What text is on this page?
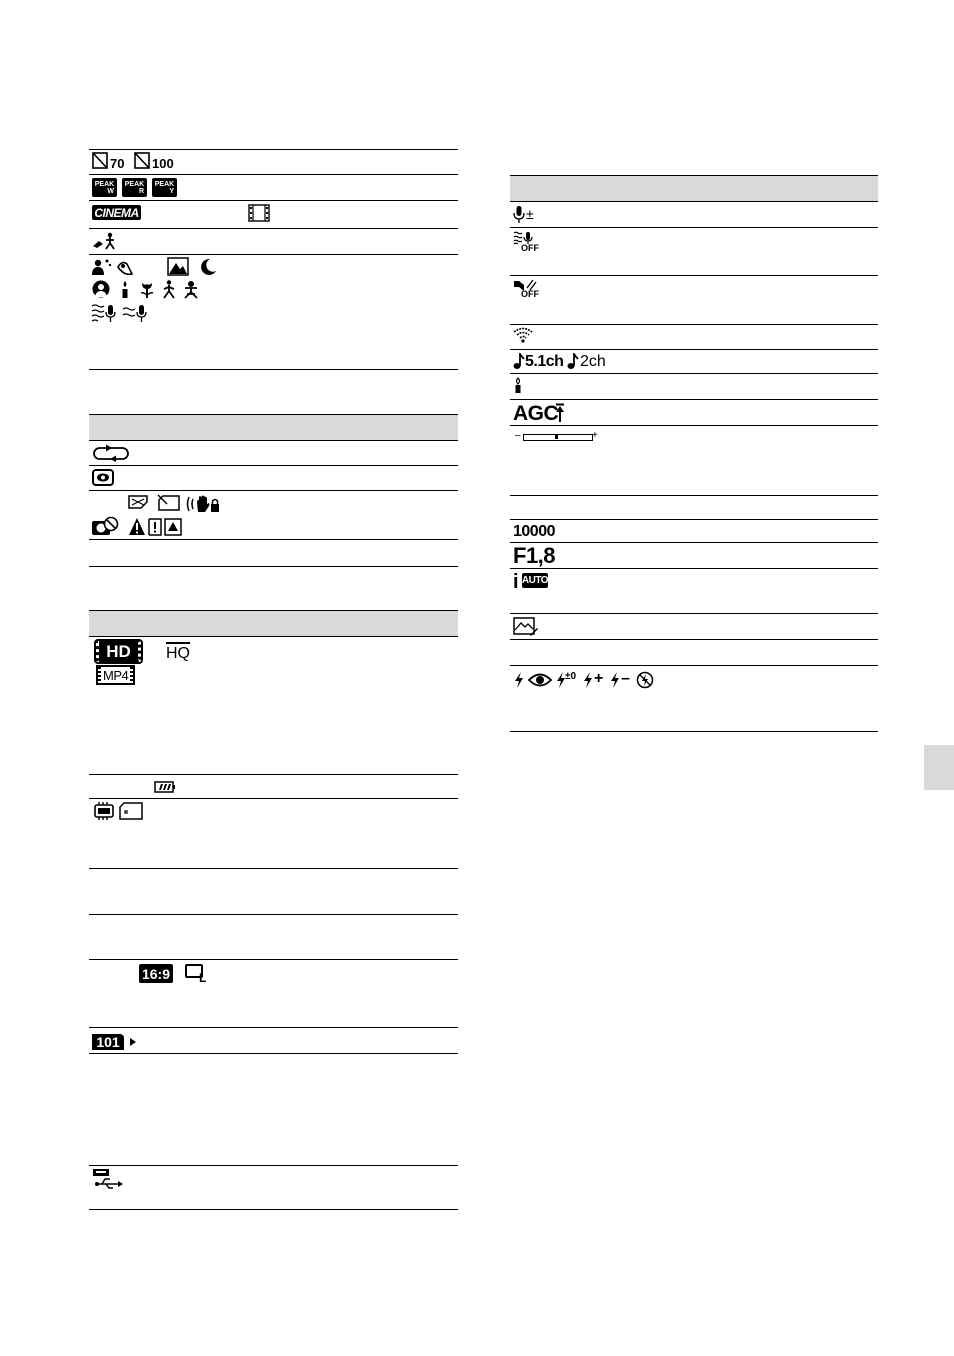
70 100
PEAK
W
PEAK
R
PEAK
Y
CINEMA
HD HQ
MP4
16:9 L
101
±
OFF
OFF
5.1ch 2ch
AGC
–	+
10000
F1,8
i AUTO
±0 + –
